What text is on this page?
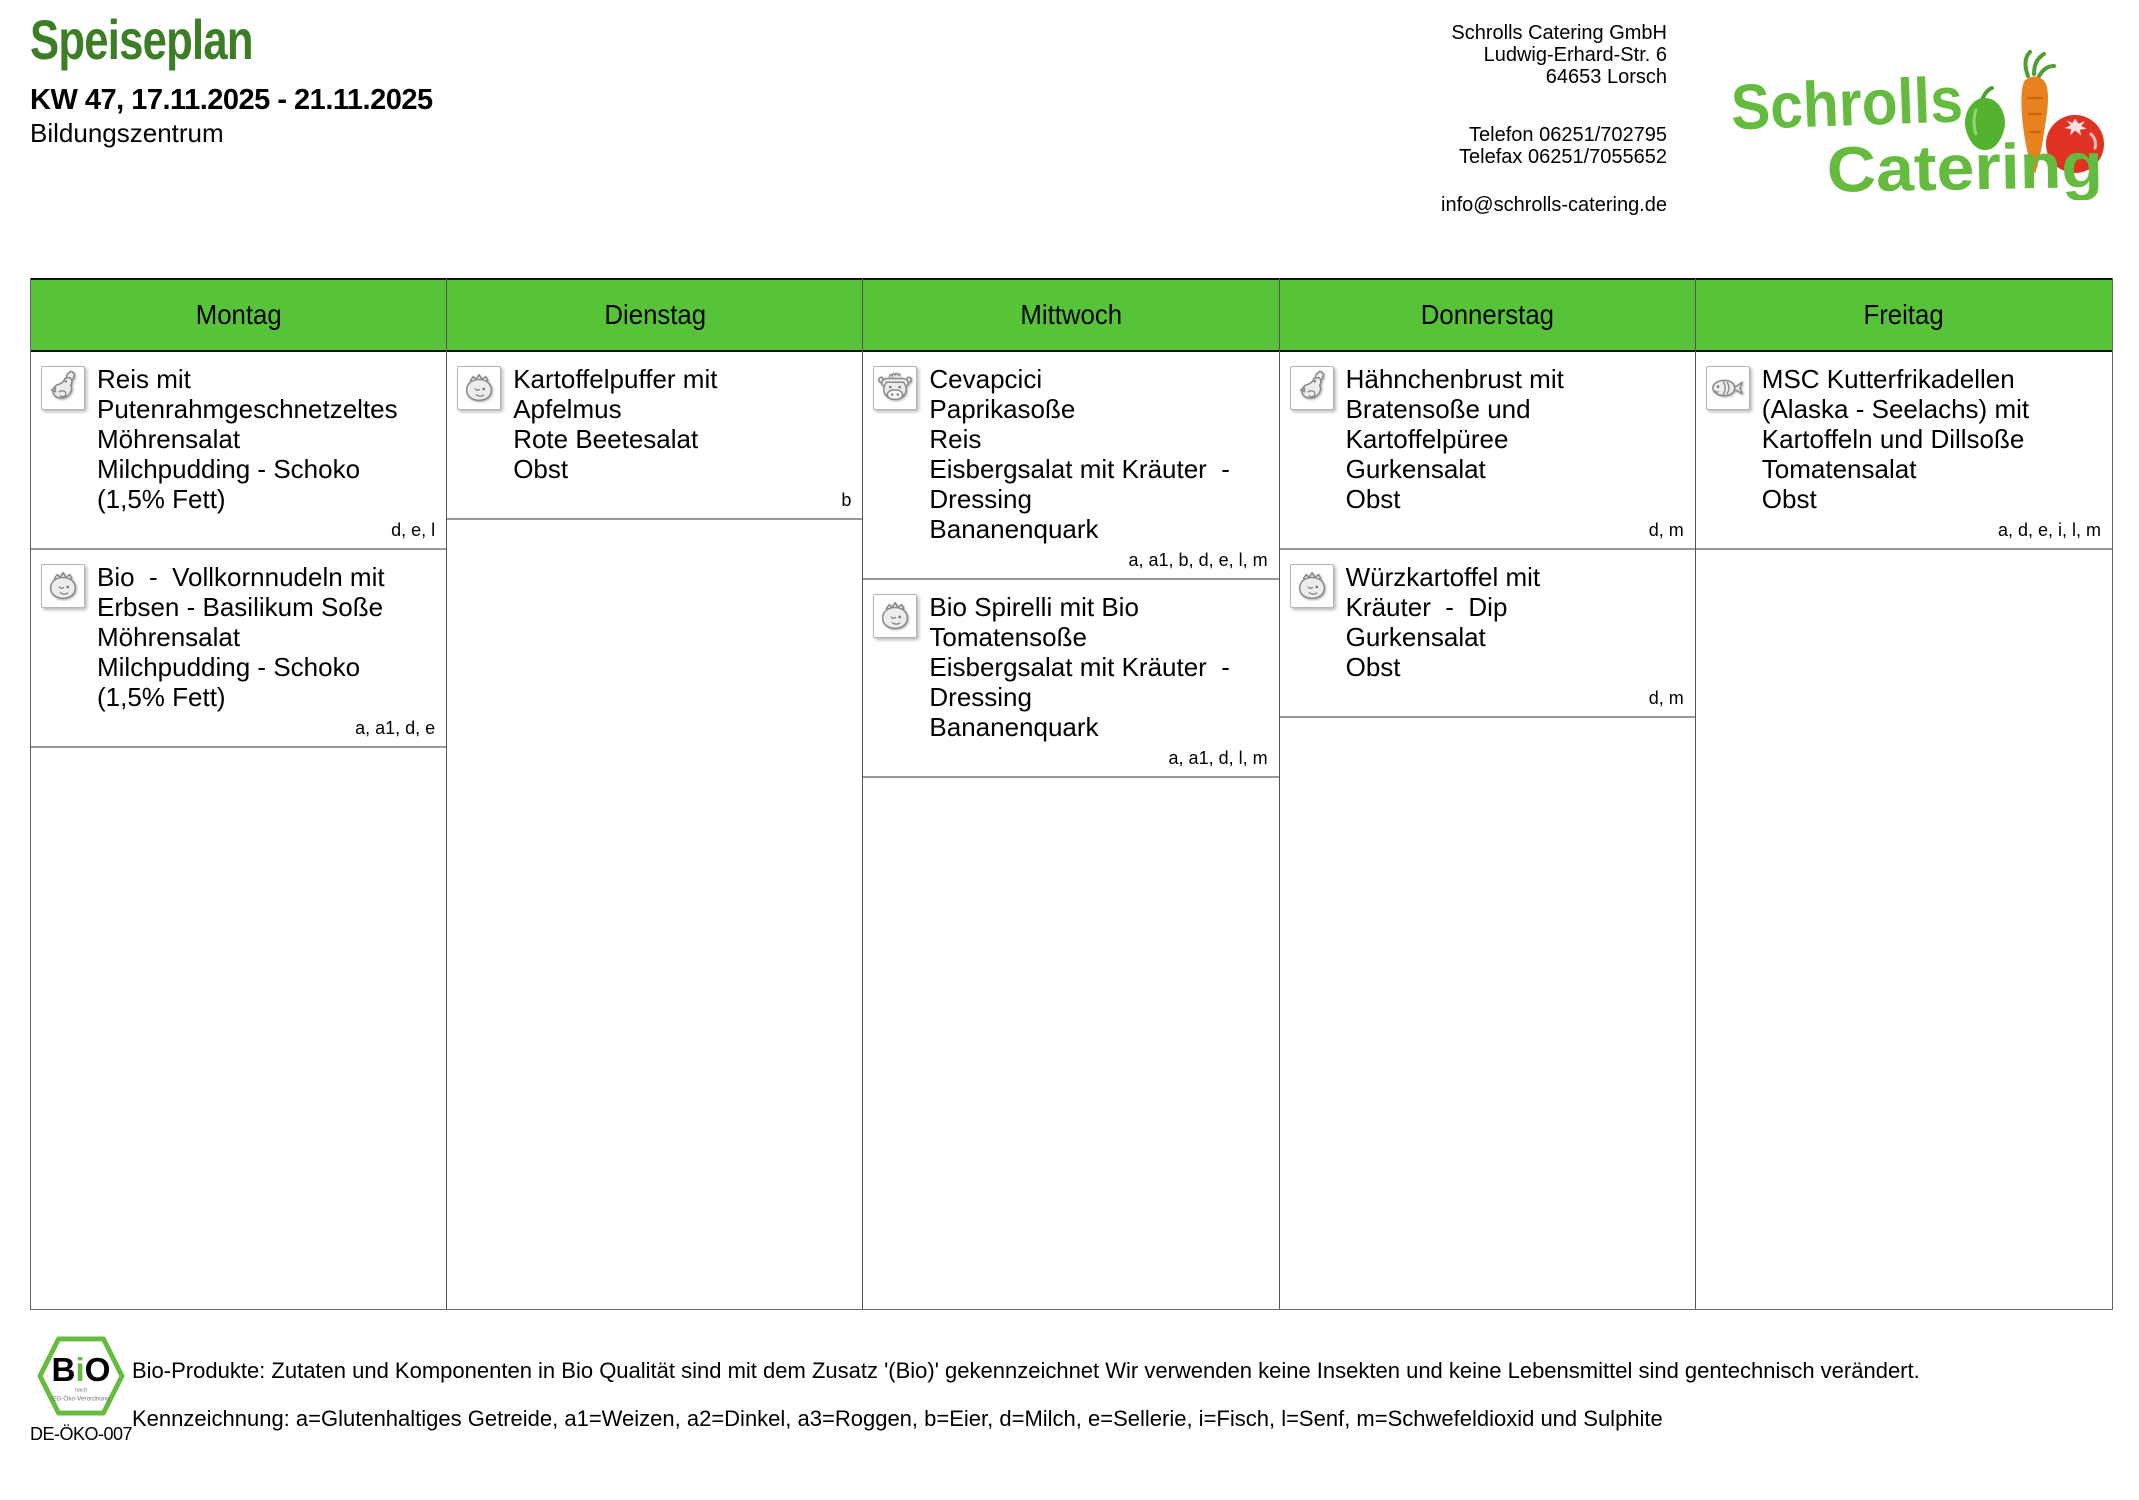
Speiseplan
KW 47, 17.11.2025 - 21.11.2025
Bildungszentrum
Schrolls Catering GmbH
Ludwig-Erhard-Str. 6
64653 Lorsch
Telefon 06251/702795
Telefax 06251/7055652
info@schrolls-catering.de
Schrolls
Catering
Montag
Reis mit
Putenrahmgeschnetzeltes
Möhrensalat
Milchpudding - Schoko
(1,5% Fett)
d, e, l
Bio  -  Vollkornnudeln mit
Erbsen - Basilikum Soße
Möhrensalat
Milchpudding - Schoko
(1,5% Fett)
a, a1, d, e
Dienstag
Kartoffelpuffer mit
Apfelmus
Rote Beetesalat
Obst
b
Mittwoch
Cevapcici
Paprikasoße
Reis
Eisbergsalat mit Kräuter  -
Dressing
Bananenquark
a, a1, b, d, e, l, m
Bio Spirelli mit Bio
Tomatensoße
Eisbergsalat mit Kräuter  -
Dressing
Bananenquark
a, a1, d, l, m
Donnerstag
Hähnchenbrust mit
Bratensoße und
Kartoffelpüree
Gurkensalat
Obst
d, m
Würzkartoffel mit
Kräuter  -  Dip
Gurkensalat
Obst
d, m
Freitag
MSC Kutterfrikadellen
(Alaska - Seelachs) mit
Kartoffeln und Dillsoße
Tomatensalat
Obst
a, d, e, i, l, m
BiO
nach
EG-Öko-Verordnung
DE-ÖKO-007
Bio-Produkte: Zutaten und Komponenten in Bio Qualität sind mit dem Zusatz '(Bio)' gekennzeichnet Wir verwenden keine Insekten und keine Lebensmittel sind gentechnisch verändert.
Kennzeichnung: a=Glutenhaltiges Getreide, a1=Weizen, a2=Dinkel, a3=Roggen, b=Eier, d=Milch, e=Sellerie, i=Fisch, l=Senf, m=Schwefeldioxid und Sulphite
